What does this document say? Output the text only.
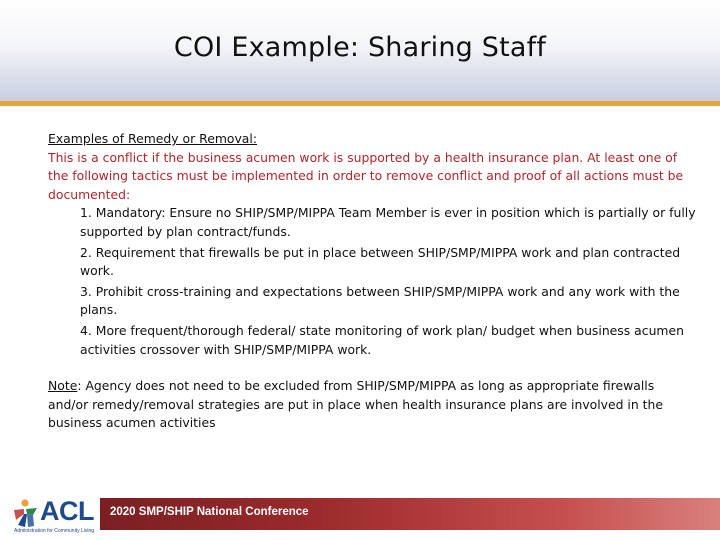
COI Example: Sharing Staff
Examples of Remedy or Removal:
This is a conflict if the business acumen work is supported by a health insurance plan. At least one of the following tactics must be implemented in order to remove conflict and proof of all actions must be documented:
1. Mandatory: Ensure no SHIP/SMP/MIPPA Team Member is ever in position which is partially or fully supported by plan contract/funds.
2. Requirement that firewalls be put in place between SHIP/SMP/MIPPA work and plan contracted work.
3. Prohibit cross-training and expectations between SHIP/SMP/MIPPA work and any work with the plans.
4. More frequent/thorough federal/ state monitoring of work plan/ budget when business acumen activities crossover with SHIP/SMP/MIPPA work.
Note: Agency does not need to be excluded from SHIP/SMP/MIPPA as long as appropriate firewalls and/or remedy/removal strategies are put in place when health insurance plans are involved in the business acumen activities
ACL
Administration for Community Living
2020 SMP/SHIP National Conference
